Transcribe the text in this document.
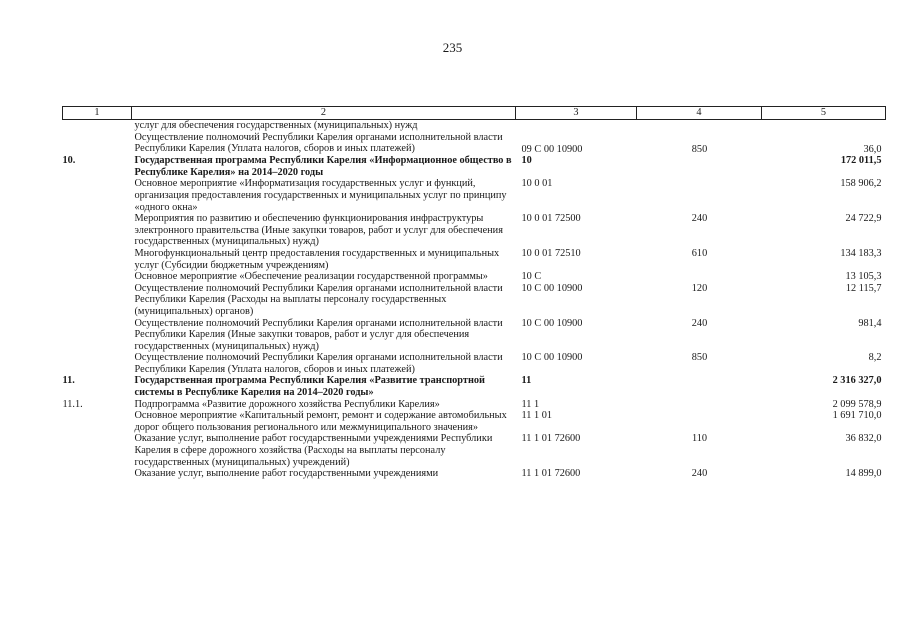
235
1	2	3	4	5
	услуг для обеспечения государственных (муниципальных) нужд			

	Осуществление полномочий Республики Карелия органами исполнительной власти Республики Карелия (Уплата налогов, сборов и иных платежей)	09 С 00 10900	850	36,0

10.	Государственная программа Республики Карелия «Информационное общество в Республике Карелия» на 2014–2020 годы	10		172 011,5

	Основное мероприятие «Информатизация государственных услуг и функций, организация предоставления государственных и муниципальных услуг по принципу «одного окна»	10 0 01		158 906,2

	Мероприятия по развитию и обеспечению функционирования инфраструктуры электронного правительства (Иные закупки товаров, работ и услуг для обеспечения государственных (муниципальных) нужд)	10 0 01 72500	240	24 722,9

	Многофункциональный центр предоставления государственных и муниципальных услуг (Субсидии бюджетным учреждениям)	10 0 01 72510	610	134 183,3

	Основное мероприятие «Обеспечение реализации государственной программы»	10 С		13 105,3

	Осуществление полномочий Республики Карелия органами исполнительной власти Республики Карелия (Расходы на выплаты персоналу государственных (муниципальных) органов)	10 С 00 10900	120	12 115,7

	Осуществление полномочий Республики Карелия органами исполнительной власти Республики Карелия (Иные закупки товаров, работ и услуг для обеспечения государственных (муниципальных) нужд)	10 С 00 10900	240	981,4

	Осуществление полномочий Республики Карелия органами исполнительной власти Республики Карелия (Уплата налогов, сборов и иных платежей)	10 С 00 10900	850	8,2

11.	Государственная программа Республики Карелия «Развитие транспортной системы в Республике Карелия на 2014–2020 годы»	11		2 316 327,0

11.1.	Подпрограмма «Развитие дорожного хозяйства Республики Карелия»	11 1		2 099 578,9

	Основное мероприятие «Капитальный ремонт, ремонт и содержание автомобильных дорог общего пользования регионального или межмуниципального значения»	11 1 01		1 691 710,0

	Оказание услуг, выполнение работ государственными учреждениями Республики Карелия в сфере дорожного хозяйства (Расходы на выплаты персоналу государственных (муниципальных) учреждений)	11 1 01 72600	110	36 832,0

	Оказание услуг, выполнение работ государственными учреждениями	11 1 01 72600	240	14 899,0
